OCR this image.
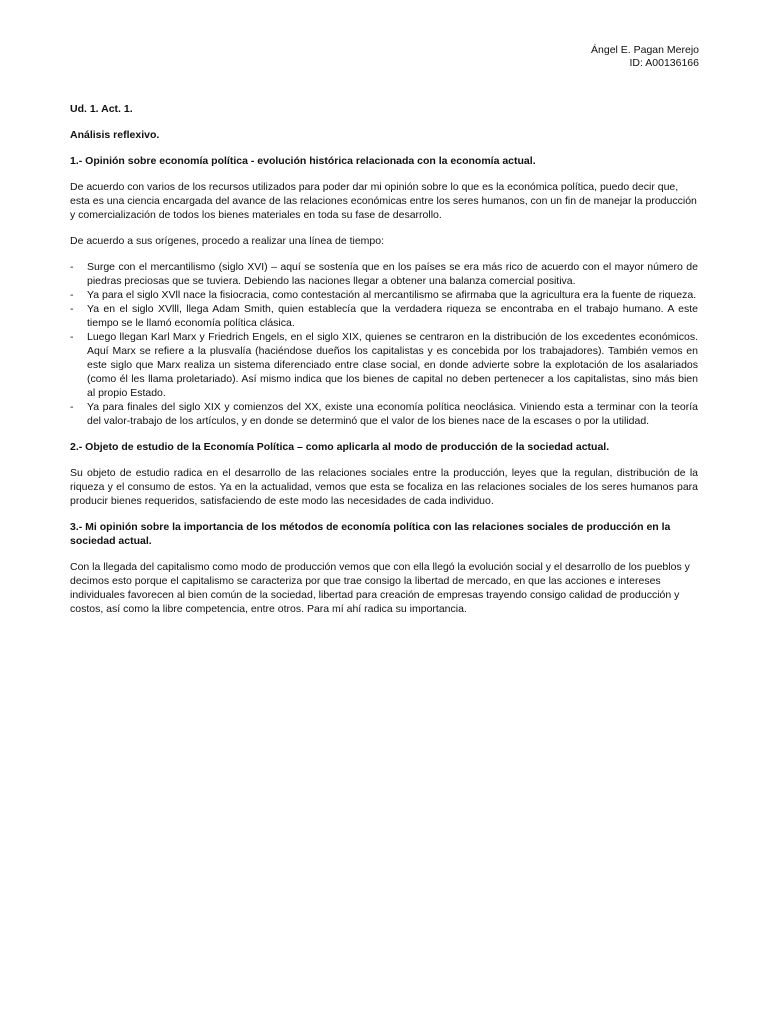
Ángel E. Pagan Merejo
ID: A00136166

Ud. 1. Act. 1.

Análisis reflexivo.

1.- Opinión sobre economía política - evolución histórica relacionada con la economía actual.

De acuerdo con varios de los recursos utilizados para poder dar mi opinión sobre lo que es la económica política, puedo decir que, esta es una ciencia encargada del avance de las relaciones económicas entre los seres humanos, con un fin de manejar la producción y comercialización de todos los bienes materiales en toda su fase de desarrollo.

De acuerdo a sus orígenes, procedo a realizar una línea de tiempo:

- Surge con el mercantilismo (siglo XVI) – aquí se sostenía que en los países se era más rico de acuerdo con el mayor número de piedras preciosas que se tuviera. Debiendo las naciones llegar a obtener una balanza comercial positiva.
- Ya para el siglo XVll nace la fisiocracia, como contestación al mercantilismo se afirmaba que la agricultura era la fuente de riqueza.
- Ya en el siglo XVlll, llega Adam Smith, quien establecía que la verdadera riqueza se encontraba en el trabajo humano. A este tiempo se le llamó economía política clásica.
- Luego llegan Karl Marx y Friedrich Engels, en el siglo XIX, quienes se centraron en la distribución de los excedentes económicos. Aquí Marx se refiere a la plusvalía (haciéndose dueños los capitalistas y es concebida por los trabajadores). También vemos en este siglo que Marx realiza un sistema diferenciado entre clase social, en donde advierte sobre la explotación de los asalariados (como él les llama proletariado). Así mismo indica que los bienes de capital no deben pertenecer a los capitalistas, sino más bien al propio Estado.
- Ya para finales del siglo XIX y comienzos del XX, existe una economía política neoclásica. Viniendo esta a terminar con la teoría del valor-trabajo de los artículos, y en donde se determinó que el valor de los bienes nace de la escases o por la utilidad.

2.- Objeto de estudio de la Economía Política – como aplicarla al modo de producción de la sociedad actual.

Su objeto de estudio radica en el desarrollo de las relaciones sociales entre la producción, leyes que la regulan, distribución de la riqueza y el consumo de estos. Ya en la actualidad, vemos que esta se focaliza en las relaciones sociales de los seres humanos para producir bienes requeridos, satisfaciendo de este modo las necesidades de cada individuo.

3.- Mi opinión sobre la importancia de los métodos de economía política con las relaciones sociales de producción en la sociedad actual.

Con la llegada del capitalismo como modo de producción vemos que con ella llegó la evolución social y el desarrollo de los pueblos y decimos esto porque el capitalismo se caracteriza por que trae consigo la libertad de mercado, en que las acciones e intereses individuales favorecen al bien común de la sociedad, libertad para creación de empresas trayendo consigo calidad de producción y costos, así como la libre competencia, entre otros. Para mí ahí radica su importancia.
